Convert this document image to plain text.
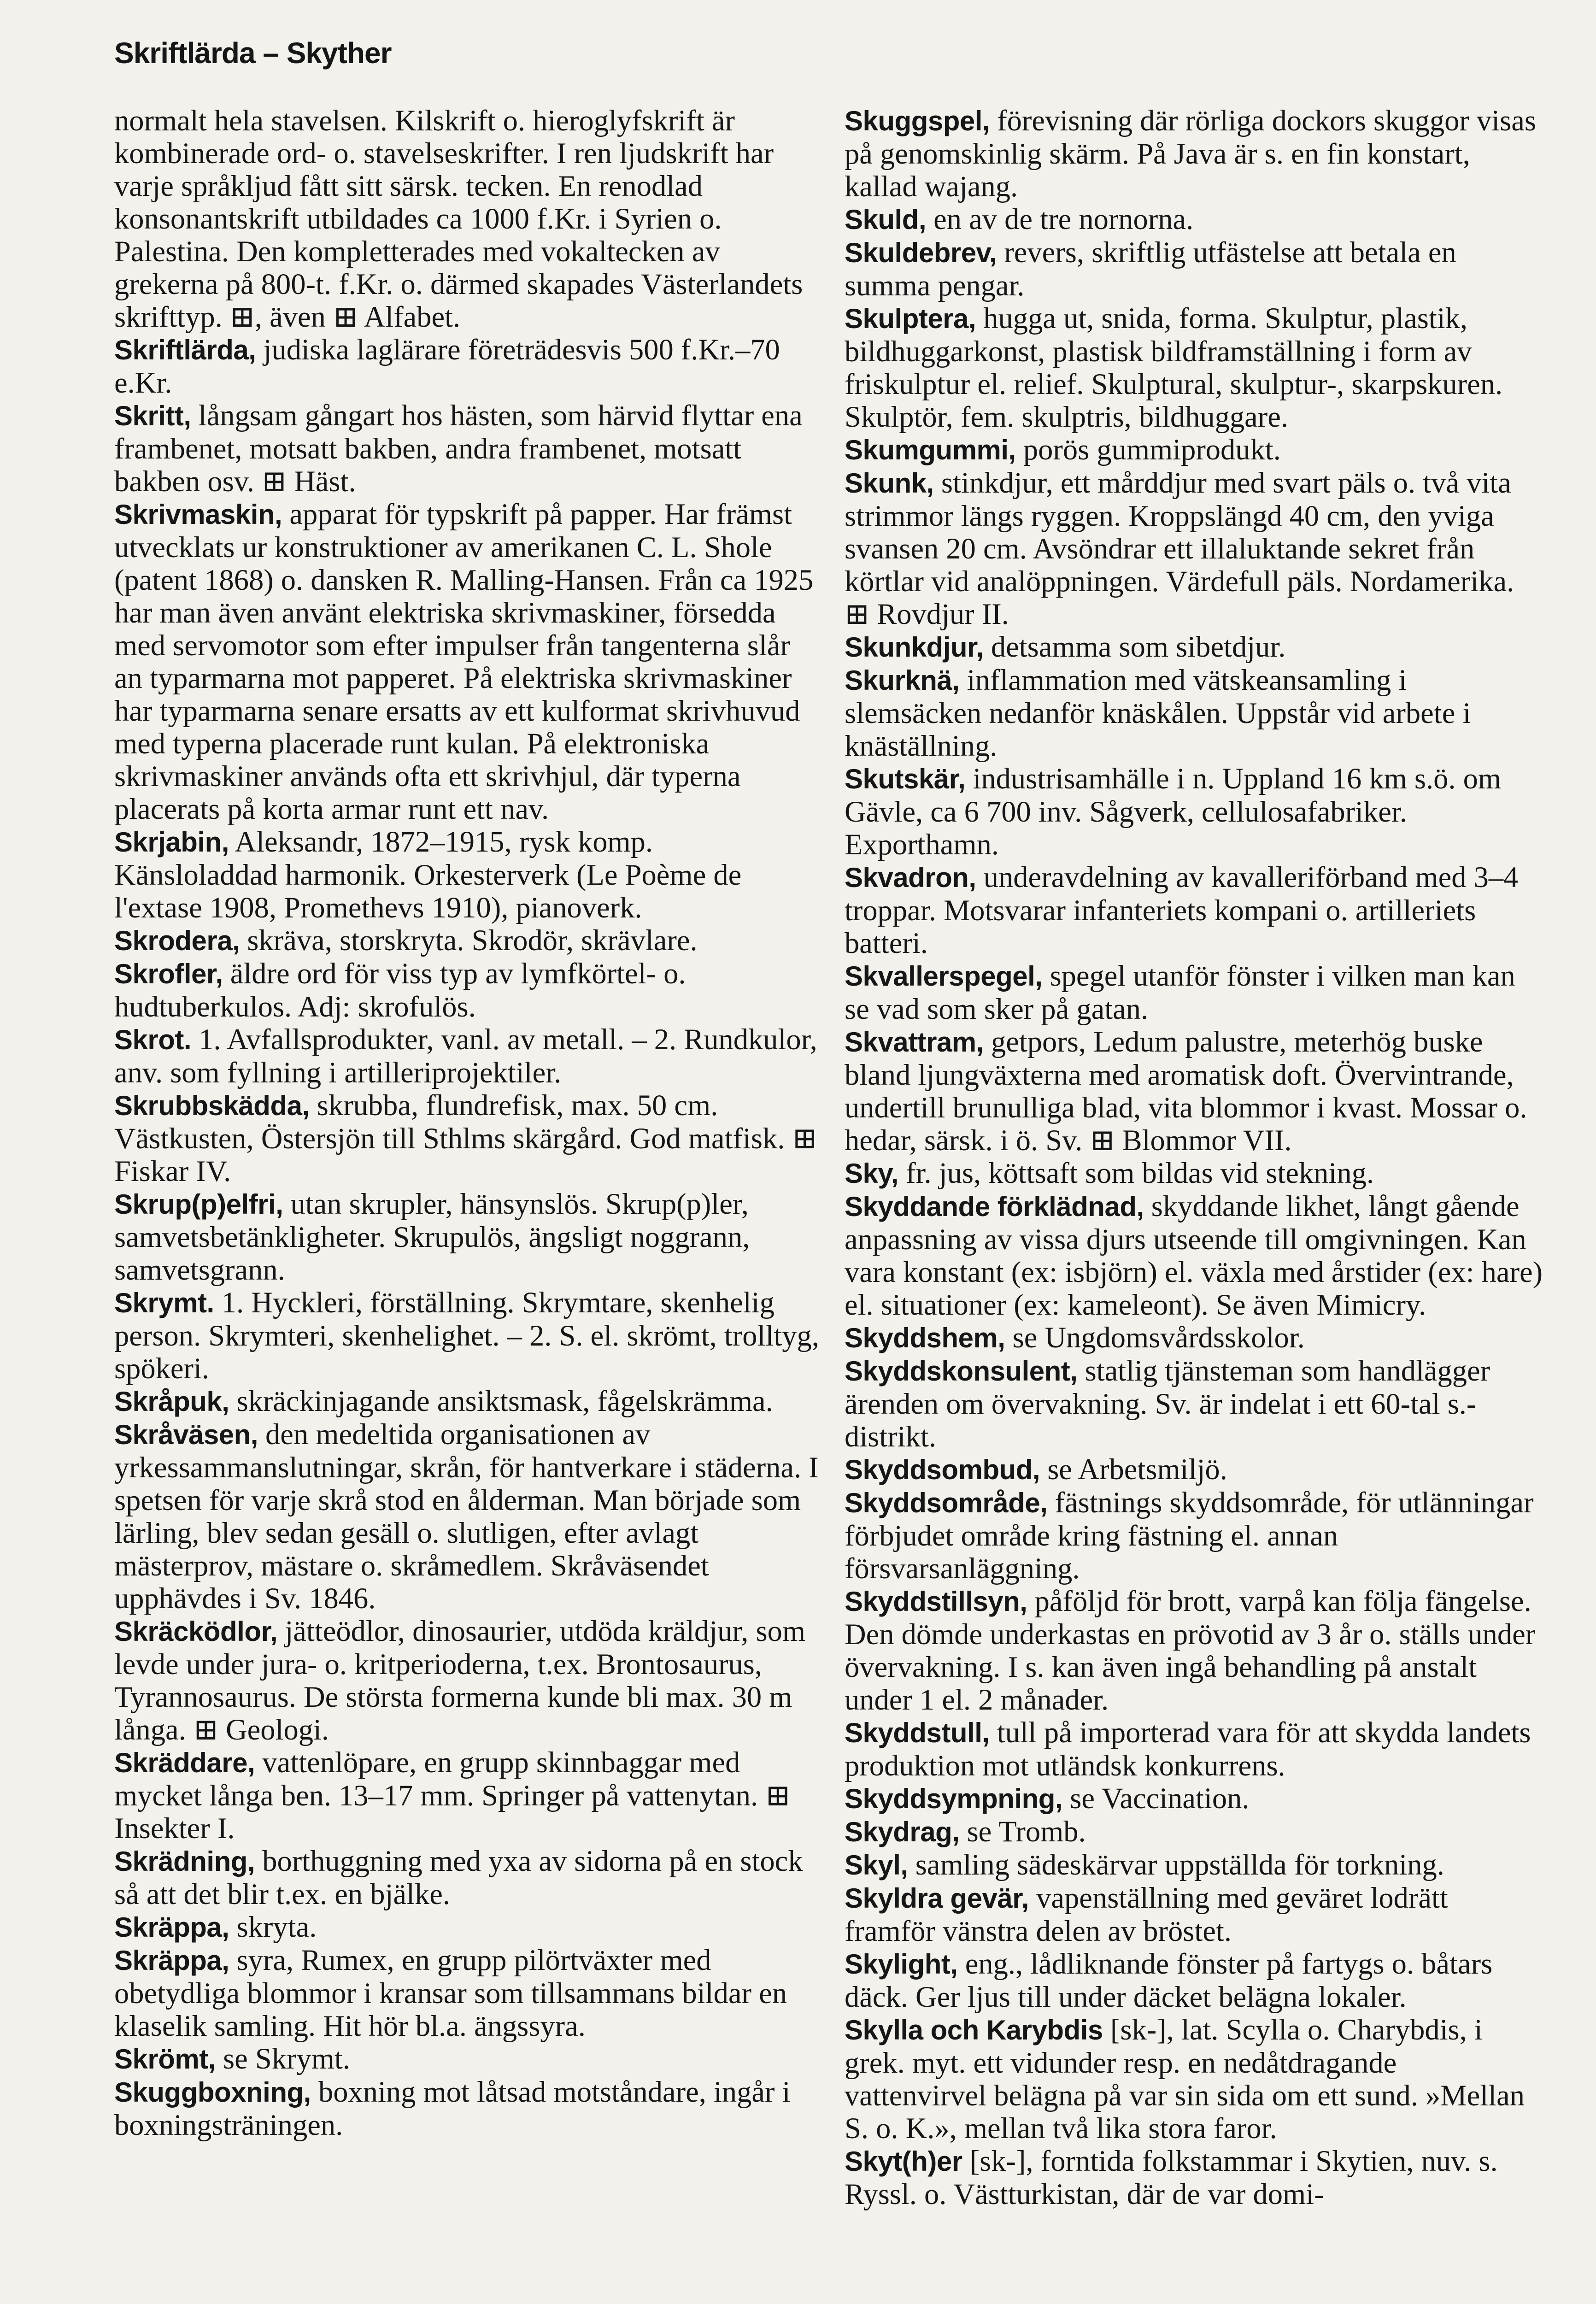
Skriftlärda – Skyther

normalt hela stavelsen. Kilskrift o. hieroglyfskrift är kombinerade ord- o. stavelseskrifter. I ren ljudskrift har varje språkljud fått sitt särsk. tecken. En renodlad konsonantskrift utbildades ca 1000 f.Kr. i Syrien o. Palestina. Den kompletterades med vokaltecken av grekerna på 800-t. f.Kr. o. därmed skapades Västerlandets skrifttyp. ⊞, även ⊞ Alfabet.

Skriftlärda, judiska laglärare företrädesvis 500 f.Kr.–70 e.Kr.

Skritt, långsam gångart hos hästen, som härvid flyttar ena frambenet, motsatt bakben, andra frambenet, motsatt bakben osv. ⊞ Häst.

Skrivmaskin, apparat för typskrift på papper. Har främst utvecklats ur konstruktioner av amerikanen C. L. Shole (patent 1868) o. dansken R. Malling-Hansen. Från ca 1925 har man även använt elektriska skrivmaskiner, försedda med servomotor som efter impulser från tangenterna slår an typarmarna mot papperet. På elektriska skrivmaskiner har typarmarna senare ersatts av ett kulformat skrivhuvud med typerna placerade runt kulan. På elektroniska skrivmaskiner används ofta ett skrivhjul, där typerna placerats på korta armar runt ett nav.

Skrjabin, Aleksandr, 1872–1915, rysk komp. Känsloladdad harmonik. Orkesterverk (Le Poème de l'extase 1908, Promethevs 1910), pianoverk.

Skrodera, skräva, storskryta. Skrodör, skrävlare.

Skrofler, äldre ord för viss typ av lymfkörtel- o. hudtuberkulos. Adj: skrofulös.

Skrot. 1. Avfallsprodukter, vanl. av metall. – 2. Rundkulor, anv. som fyllning i artilleriprojektiler.

Skrubbskädda, skrubba, flundrefisk, max. 50 cm. Västkusten, Östersjön till Sthlms skärgård. God matfisk. ⊞ Fiskar IV.

Skrup(p)elfri, utan skrupler, hänsynslös. Skrup(p)ler, samvetsbetänkligheter. Skrupulös, ängsligt noggrann, samvetsgrann.

Skrymt. 1. Hyckleri, förställning. Skrymtare, skenhelig person. Skrymteri, skenhelighet. – 2. S. el. skrömt, trolltyg, spökeri.

Skråpuk, skräckinjagande ansiktsmask, fågelskrämma.

Skråväsen, den medeltida organisationen av yrkessammanslutningar, skrån, för hantverkare i städerna. I spetsen för varje skrå stod en ålderman. Man började som lärling, blev sedan gesäll o. slutligen, efter avlagt mästerprov, mästare o. skråmedlem. Skråväsendet upphävdes i Sv. 1846.

Skräcködlor, jätteödlor, dinosaurier, utdöda kräldjur, som levde under jura- o. kritperioderna, t.ex. Brontosaurus, Tyrannosaurus. De största formerna kunde bli max. 30 m långa. ⊞ Geologi.

Skräddare, vattenlöpare, en grupp skinnbaggar med mycket långa ben. 13–17 mm. Springer på vattenytan. ⊞ Insekter I.

Skrädning, borthuggning med yxa av sidorna på en stock så att det blir t.ex. en bjälke.

Skräppa, skryta.

Skräppa, syra, Rumex, en grupp pilörtväxter med obetydliga blommor i kransar som tillsammans bildar en klaselik samling. Hit hör bl.a. ängssyra.

Skrömt, se Skrymt.

Skuggboxning, boxning mot låtsad motståndare, ingår i boxningsträningen.

Skuggspel, förevisning där rörliga dockors skuggor visas på genomskinlig skärm. På Java är s. en fin konstart, kallad wajang.

Skuld, en av de tre nornorna.

Skuldebrev, revers, skriftlig utfästelse att betala en summa pengar.

Skulptera, hugga ut, snida, forma. Skulptur, plastik, bildhuggarkonst, plastisk bildframställning i form av friskulptur el. relief. Skulptural, skulptur-, skarpskuren. Skulptör, fem. skulptris, bildhuggare.

Skumgummi, porös gummiprodukt.

Skunk, stinkdjur, ett mårddjur med svart päls o. två vita strimmor längs ryggen. Kroppslängd 40 cm, den yviga svansen 20 cm. Avsöndrar ett illaluktande sekret från körtlar vid analöppningen. Värdefull päls. Nordamerika. ⊞ Rovdjur II.

Skunkdjur, detsamma som sibetdjur.

Skurknä, inflammation med vätskeansamling i slemsäcken nedanför knäskålen. Uppstår vid arbete i knäställning.

Skutskär, industrisamhälle i n. Uppland 16 km s.ö. om Gävle, ca 6 700 inv. Sågverk, cellulosafabriker. Exporthamn.

Skvadron, underavdelning av kavalleriförband med 3–4 troppar. Motsvarar infanteriets kompani o. artilleriets batteri.

Skvallerspegel, spegel utanför fönster i vilken man kan se vad som sker på gatan.

Skvattram, getpors, Ledum palustre, meterhög buske bland ljungväxterna med aromatisk doft. Övervintrande, undertill brunulliga blad, vita blommor i kvast. Mossar o. hedar, särsk. i ö. Sv. ⊞ Blommor VII.

Sky, fr. jus, köttsaft som bildas vid stekning.

Skyddande förklädnad, skyddande likhet, långt gående anpassning av vissa djurs utseende till omgivningen. Kan vara konstant (ex: isbjörn) el. växla med årstider (ex: hare) el. situationer (ex: kameleont). Se även Mimicry.

Skyddshem, se Ungdomsvårdsskolor.

Skyddskonsulent, statlig tjänsteman som handlägger ärenden om övervakning. Sv. är indelat i ett 60-tal s.-distrikt.

Skyddsombud, se Arbetsmiljö.

Skyddsområde, fästnings skyddsområde, för utlänningar förbjudet område kring fästning el. annan försvarsanläggning.

Skyddstillsyn, påföljd för brott, varpå kan följa fängelse. Den dömde underkastas en prövotid av 3 år o. ställs under övervakning. I s. kan även ingå behandling på anstalt under 1 el. 2 månader.

Skyddstull, tull på importerad vara för att skydda landets produktion mot utländsk konkurrens.

Skyddsympning, se Vaccination.

Skydrag, se Tromb.

Skyl, samling sädeskärvar uppställda för torkning.

Skyldra gevär, vapenställning med geväret lodrätt framför vänstra delen av bröstet.

Skylight, eng., lådliknande fönster på fartygs o. båtars däck. Ger ljus till under däcket belägna lokaler.

Skylla och Karybdis [sk-], lat. Scylla o. Charybdis, i grek. myt. ett vidunder resp. en nedåtdragande vattenvirvel belägna på var sin sida om ett sund. »Mellan S. o. K.», mellan två lika stora faror.

Skyt(h)er [sk-], forntida folkstammar i Skytien, nuv. s. Ryssl. o. Västturkistan, där de var domi-
